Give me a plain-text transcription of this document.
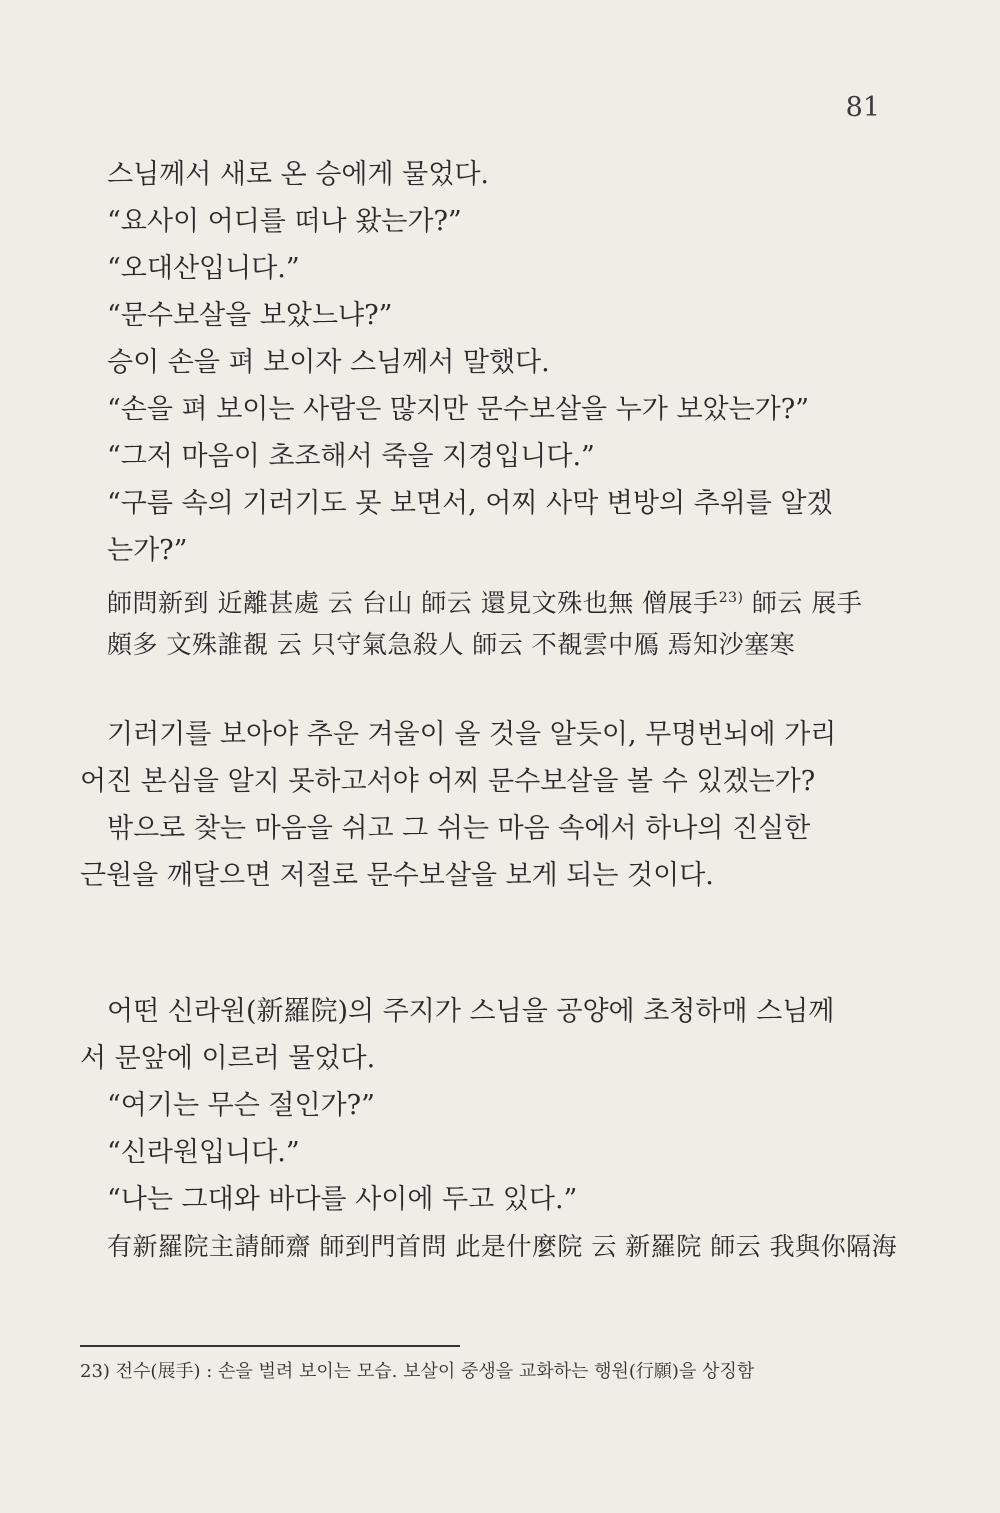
81
스님께서 새로 온 승에게 물었다.
“요사이 어디를 떠나 왔는가?”
“오대산입니다.”
“문수보살을 보았느냐?”
승이 손을 펴 보이자 스님께서 말했다.
“손을 펴 보이는 사람은 많지만 문수보살을 누가 보았는가?”
“그저 마음이 초조해서 죽을 지경입니다.”
“구름 속의 기러기도 못 보면서, 어찌 사막 변방의 추위를 알겠
는가?”
師問新到 近離甚處 云 台山 師云 還見文殊也無 僧展手$^{23)}$ 師云 展手
頗多 文殊誰覩 云 只守氣急殺人 師云 不覩雲中鴈 焉知沙塞寒
기러기를 보아야 추운 겨울이 올 것을 알듯이, 무명번뇌에 가리
어진 본심을 알지 못하고서야 어찌 문수보살을 볼 수 있겠는가?
밖으로 찾는 마음을 쉬고 그 쉬는 마음 속에서 하나의 진실한
근원을 깨달으면 저절로 문수보살을 보게 되는 것이다.
어떤 신라원(新羅院)의 주지가 스님을 공양에 초청하매 스님께
서 문앞에 이르러 물었다.
“여기는 무슨 절인가?”
“신라원입니다.”
“나는 그대와 바다를 사이에 두고 있다.”
有新羅院主請師齋 師到門首問 此是什麼院 云 新羅院 師云 我與你隔海
23) 전수(展手) : 손을 벌려 보이는 모습. 보살이 중생을 교화하는 행원(行願)을 상징함
